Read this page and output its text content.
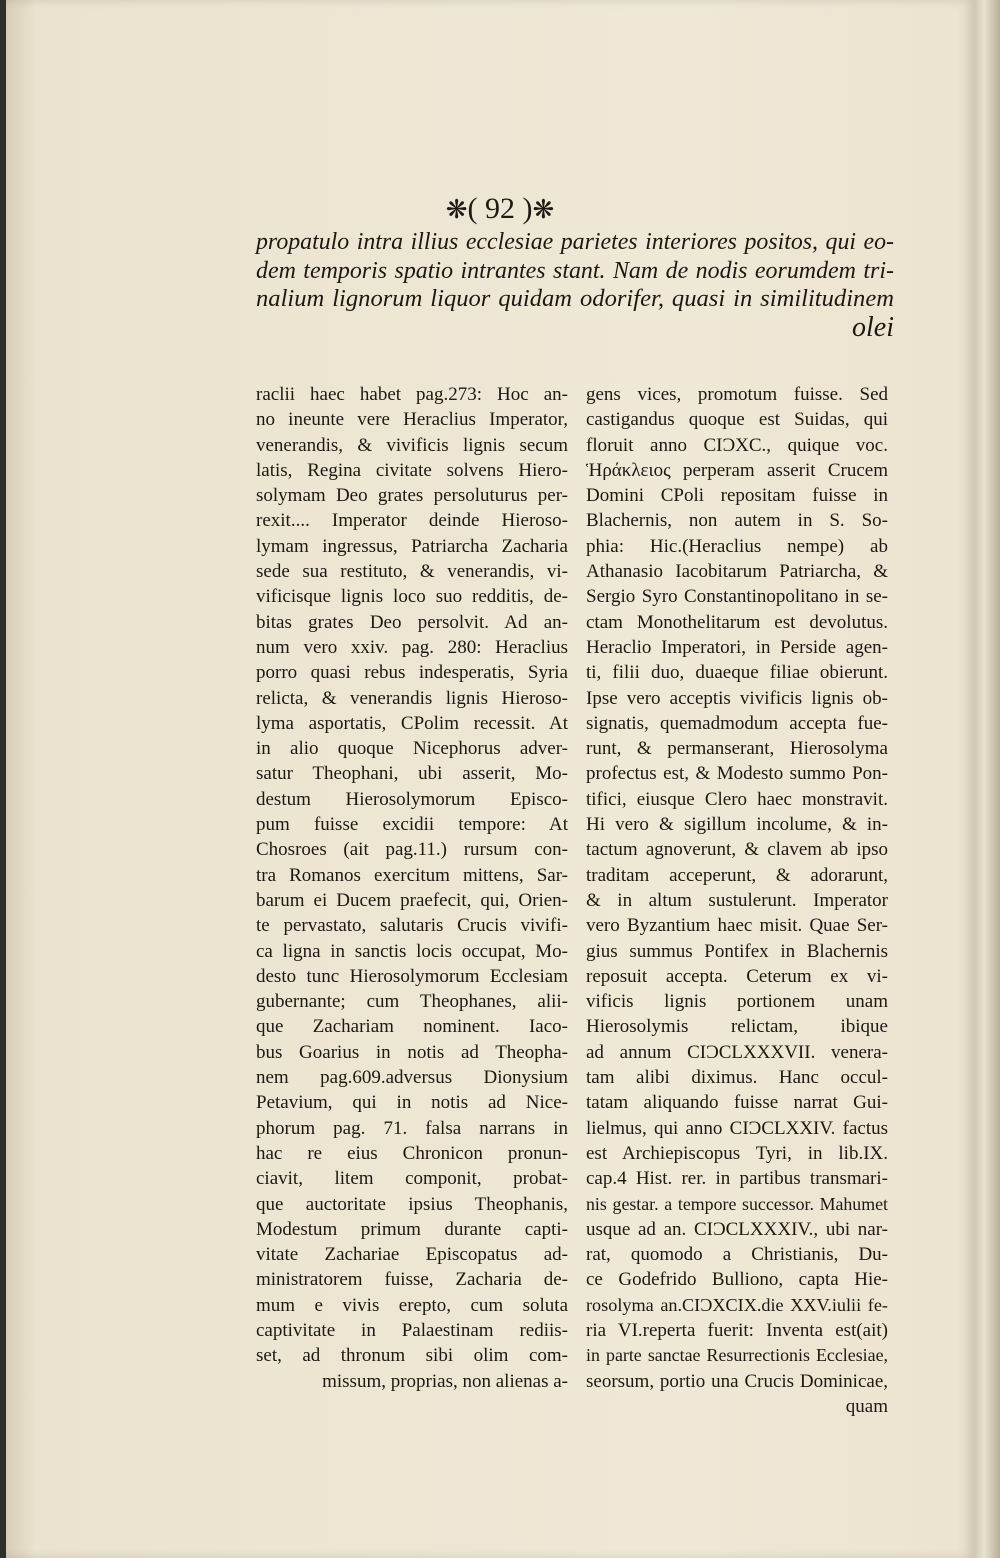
❋( 92 )❋
propatulo intra illius ecclesiae parietes interiores positos, qui eo-
dem temporis spatio intrantes stant. Nam de nodis eorumdem tri-
nalium lignorum liquor quidam odorifer, quasi in similitudinem
olei
raclii haec habet pag.273: Hoc an-
no ineunte vere Heraclius Imperator,
venerandis, & vivificis lignis secum
latis, Regina civitate solvens Hiero-
solymam Deo grates persoluturus per-
rexit.... Imperator deinde Hieroso-
lymam ingressus, Patriarcha Zacharia
sede sua restituto, & venerandis, vi-
vificisque lignis loco suo redditis, de-
bitas grates Deo persolvit. Ad an-
num vero xxiv. pag. 280: Heraclius
porro quasi rebus indesperatis, Syria
relicta, & venerandis lignis Hieroso-
lyma asportatis, CPolim recessit. At
in alio quoque Nicephorus adver-
satur Theophani, ubi asserit, Mo-
destum Hierosolymorum Episco-
pum fuisse excidii tempore: At
Chosroes (ait pag.11.) rursum con-
tra Romanos exercitum mittens, Sar-
barum ei Ducem praefecit, qui, Orien-
te pervastato, salutaris Crucis vivifi-
ca ligna in sanctis locis occupat, Mo-
desto tunc Hierosolymorum Ecclesiam
gubernante; cum Theophanes, alii-
que Zachariam nominent. Iaco-
bus Goarius in notis ad Theopha-
nem pag.609.adversus Dionysium
Petavium, qui in notis ad Nice-
phorum pag. 71. falsa narrans in
hac re eius Chronicon pronun-
ciavit, litem componit, probat-
que auctoritate ipsius Theophanis,
Modestum primum durante capti-
vitate Zachariae Episcopatus ad-
ministratorem fuisse, Zacharia de-
mum e vivis erepto, cum soluta
captivitate in Palaestinam rediis-
set, ad thronum sibi olim com-
missum, proprias, non alienas a-
gens vices, promotum fuisse. Sed
castigandus quoque est Suidas, qui
floruit anno CIƆXC., quique voc.
Ἡράκλειος perperam asserit Crucem
Domini CPoli repositam fuisse in
Blachernis, non autem in S. So-
phia: Hic.(Heraclius nempe) ab
Athanasio Iacobitarum Patriarcha, &
Sergio Syro Constantinopolitano in se-
ctam Monothelitarum est devolutus.
Heraclio Imperatori, in Perside agen-
ti, filii duo, duaeque filiae obierunt.
Ipse vero acceptis vivificis lignis ob-
signatis, quemadmodum accepta fue-
runt, & permanserant, Hierosolyma
profectus est, & Modesto summo Pon-
tifici, eiusque Clero haec monstravit.
Hi vero & sigillum incolume, & in-
tactum agnoverunt, & clavem ab ipso
traditam acceperunt, & adorarunt,
& in altum sustulerunt. Imperator
vero Byzantium haec misit. Quae Ser-
gius summus Pontifex in Blachernis
reposuit accepta. Ceterum ex vi-
vificis lignis portionem unam
Hierosolymis relictam, ibique
ad annum CIƆCLXXXVII. venera-
tam alibi diximus. Hanc occul-
tatam aliquando fuisse narrat Gui-
lielmus, qui anno CIƆCLXXIV. factus
est Archiepiscopus Tyri, in lib.IX.
cap.4 Hist. rer. in partibus transmari-
nis gestar. a tempore successor. Mahumet
usque ad an. CIƆCLXXXIV., ubi nar-
rat, quomodo a Christianis, Du-
ce Godefrido Bulliono, capta Hie-
rosolyma an.CIƆXCIX.die XXV.iulii fe-
ria VI.reperta fuerit: Inventa est(ait)
in parte sanctae Resurrectionis Ecclesiae,
seorsum, portio una Crucis Dominicae,
quam
